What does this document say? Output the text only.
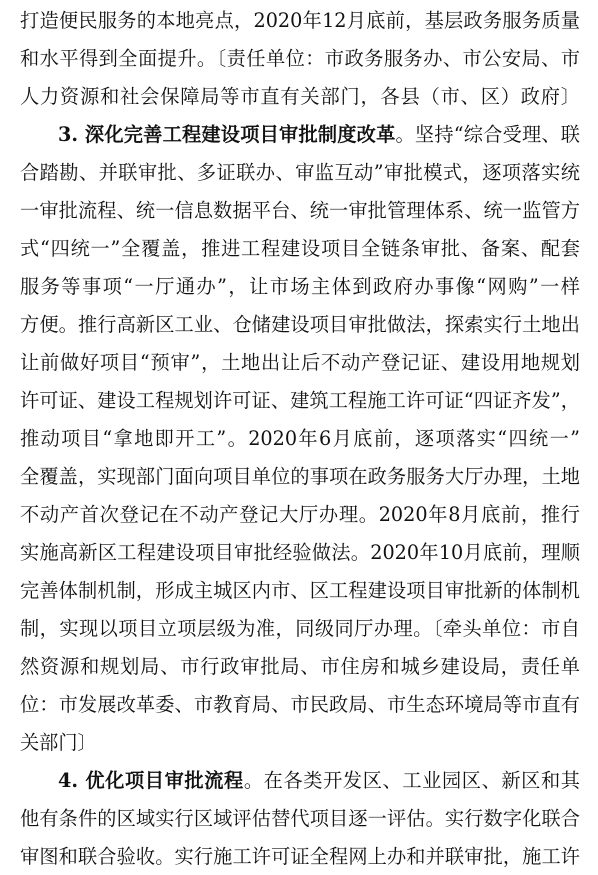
打造便民服务的本地亮点，2020年12月底前，基层政务服务质量
和水平得到全面提升。〔责任单位：市政务服务办、市公安局、市
人力资源和社会保障局等市直有关部门，各县（市、区）政府〕
3. 深化完善工程建设项目审批制度改革。坚持“综合受理、联
合踏勘、并联审批、多证联办、审监互动”审批模式，逐项落实统
一审批流程、统一信息数据平台、统一审批管理体系、统一监管方
式“四统一”全覆盖，推进工程建设项目全链条审批、备案、配套
服务等事项“一厅通办”，让市场主体到政府办事像“网购”一样
方便。推行高新区工业、仓储建设项目审批做法，探索实行土地出
让前做好项目“预审”，土地出让后不动产登记证、建设用地规划
许可证、建设工程规划许可证、建筑工程施工许可证“四证齐发”，
推动项目“拿地即开工”。2020年6月底前，逐项落实“四统一”
全覆盖，实现部门面向项目单位的事项在政务服务大厅办理，土地
不动产首次登记在不动产登记大厅办理。2020年8月底前，推行
实施高新区工程建设项目审批经验做法。2020年10月底前，理顺
完善体制机制，形成主城区内市、区工程建设项目审批新的体制机
制，实现以项目立项层级为准，同级同厅办理。〔牵头单位：市自
然资源和规划局、市行政审批局、市住房和城乡建设局，责任单
位：市发展改革委、市教育局、市民政局、市生态环境局等市直有
关部门〕
4. 优化项目审批流程。在各类开发区、工业园区、新区和其
他有条件的区域实行区域评估替代项目逐一评估。实行数字化联合
审图和联合验收。实行施工许可证全程网上办和并联审批，施工许
